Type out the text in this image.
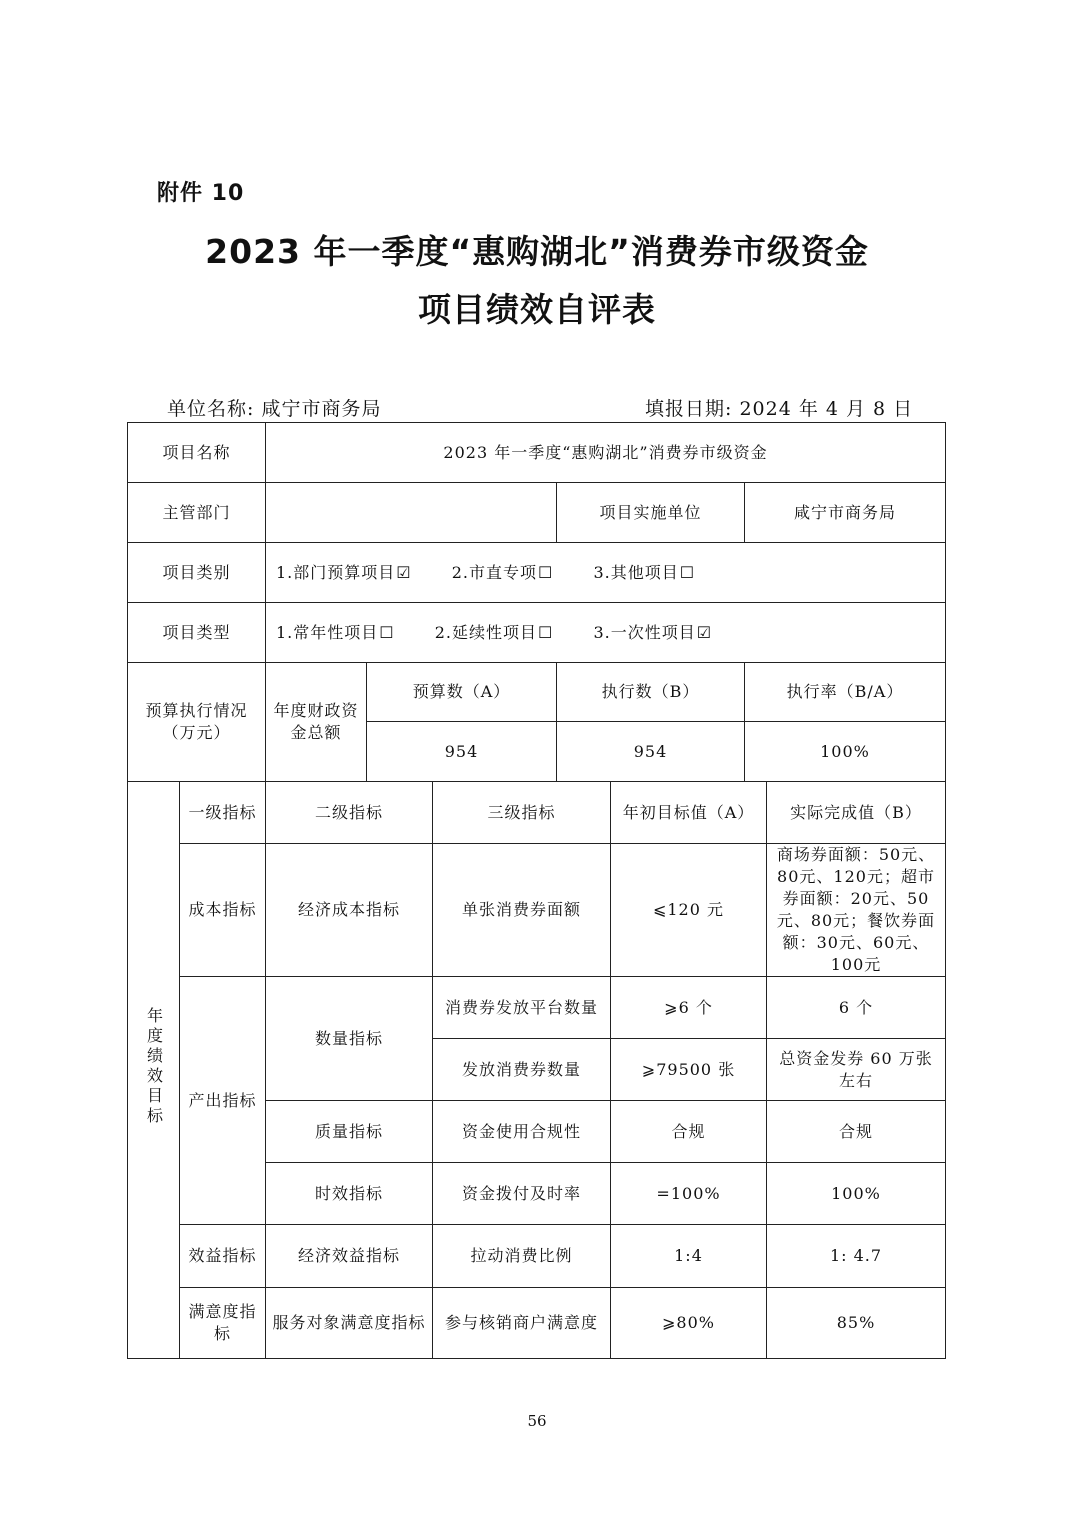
附件 10
2023 年一季度“惠购湖北”消费券市级资金
项目绩效自评表
单位名称: 咸宁市商务局	填报日期: 2024 年 4 月 8 日
项目名称		2023 年一季度“惠购湖北”消费券市级资金						
主管部门					项目实施单位		咸宁市商务局	
项目类别		1.部门预算项目☑ 2.市直专项☐ 3.其他项目☐						
项目类型		1.常年性项目☐ 2.延续性项目☐ 3.一次性项目☑						
预算执行情况（万元）		年度财政资金总额	预算数（A）		执行数（B）		执行率（B/A）	
			954		954		100%	
年度绩效目标	一级指标	二级指标		三级指标		年初目标值（A）		实际完成值（B）
	成本指标	经济成本指标		单张消费券面额		⩽120 元		商场券面额：50元、80元、120元；超市券面额：20元、50元、80元；餐饮券面额：30元、60元、100元
	产出指标	数量指标		消费券发放平台数量		⩾6 个		6 个
				发放消费券数量		⩾79500 张		总资金发券 60 万张左右
		质量指标		资金使用合规性		合规		合规
		时效指标		资金拨付及时率		=100%		100%
	效益指标	经济效益指标		拉动消费比例		1:4		1: 4.7
	满意度指 标	服务对象满意度指标		参与核销商户满意度		⩾80%		85%
56
